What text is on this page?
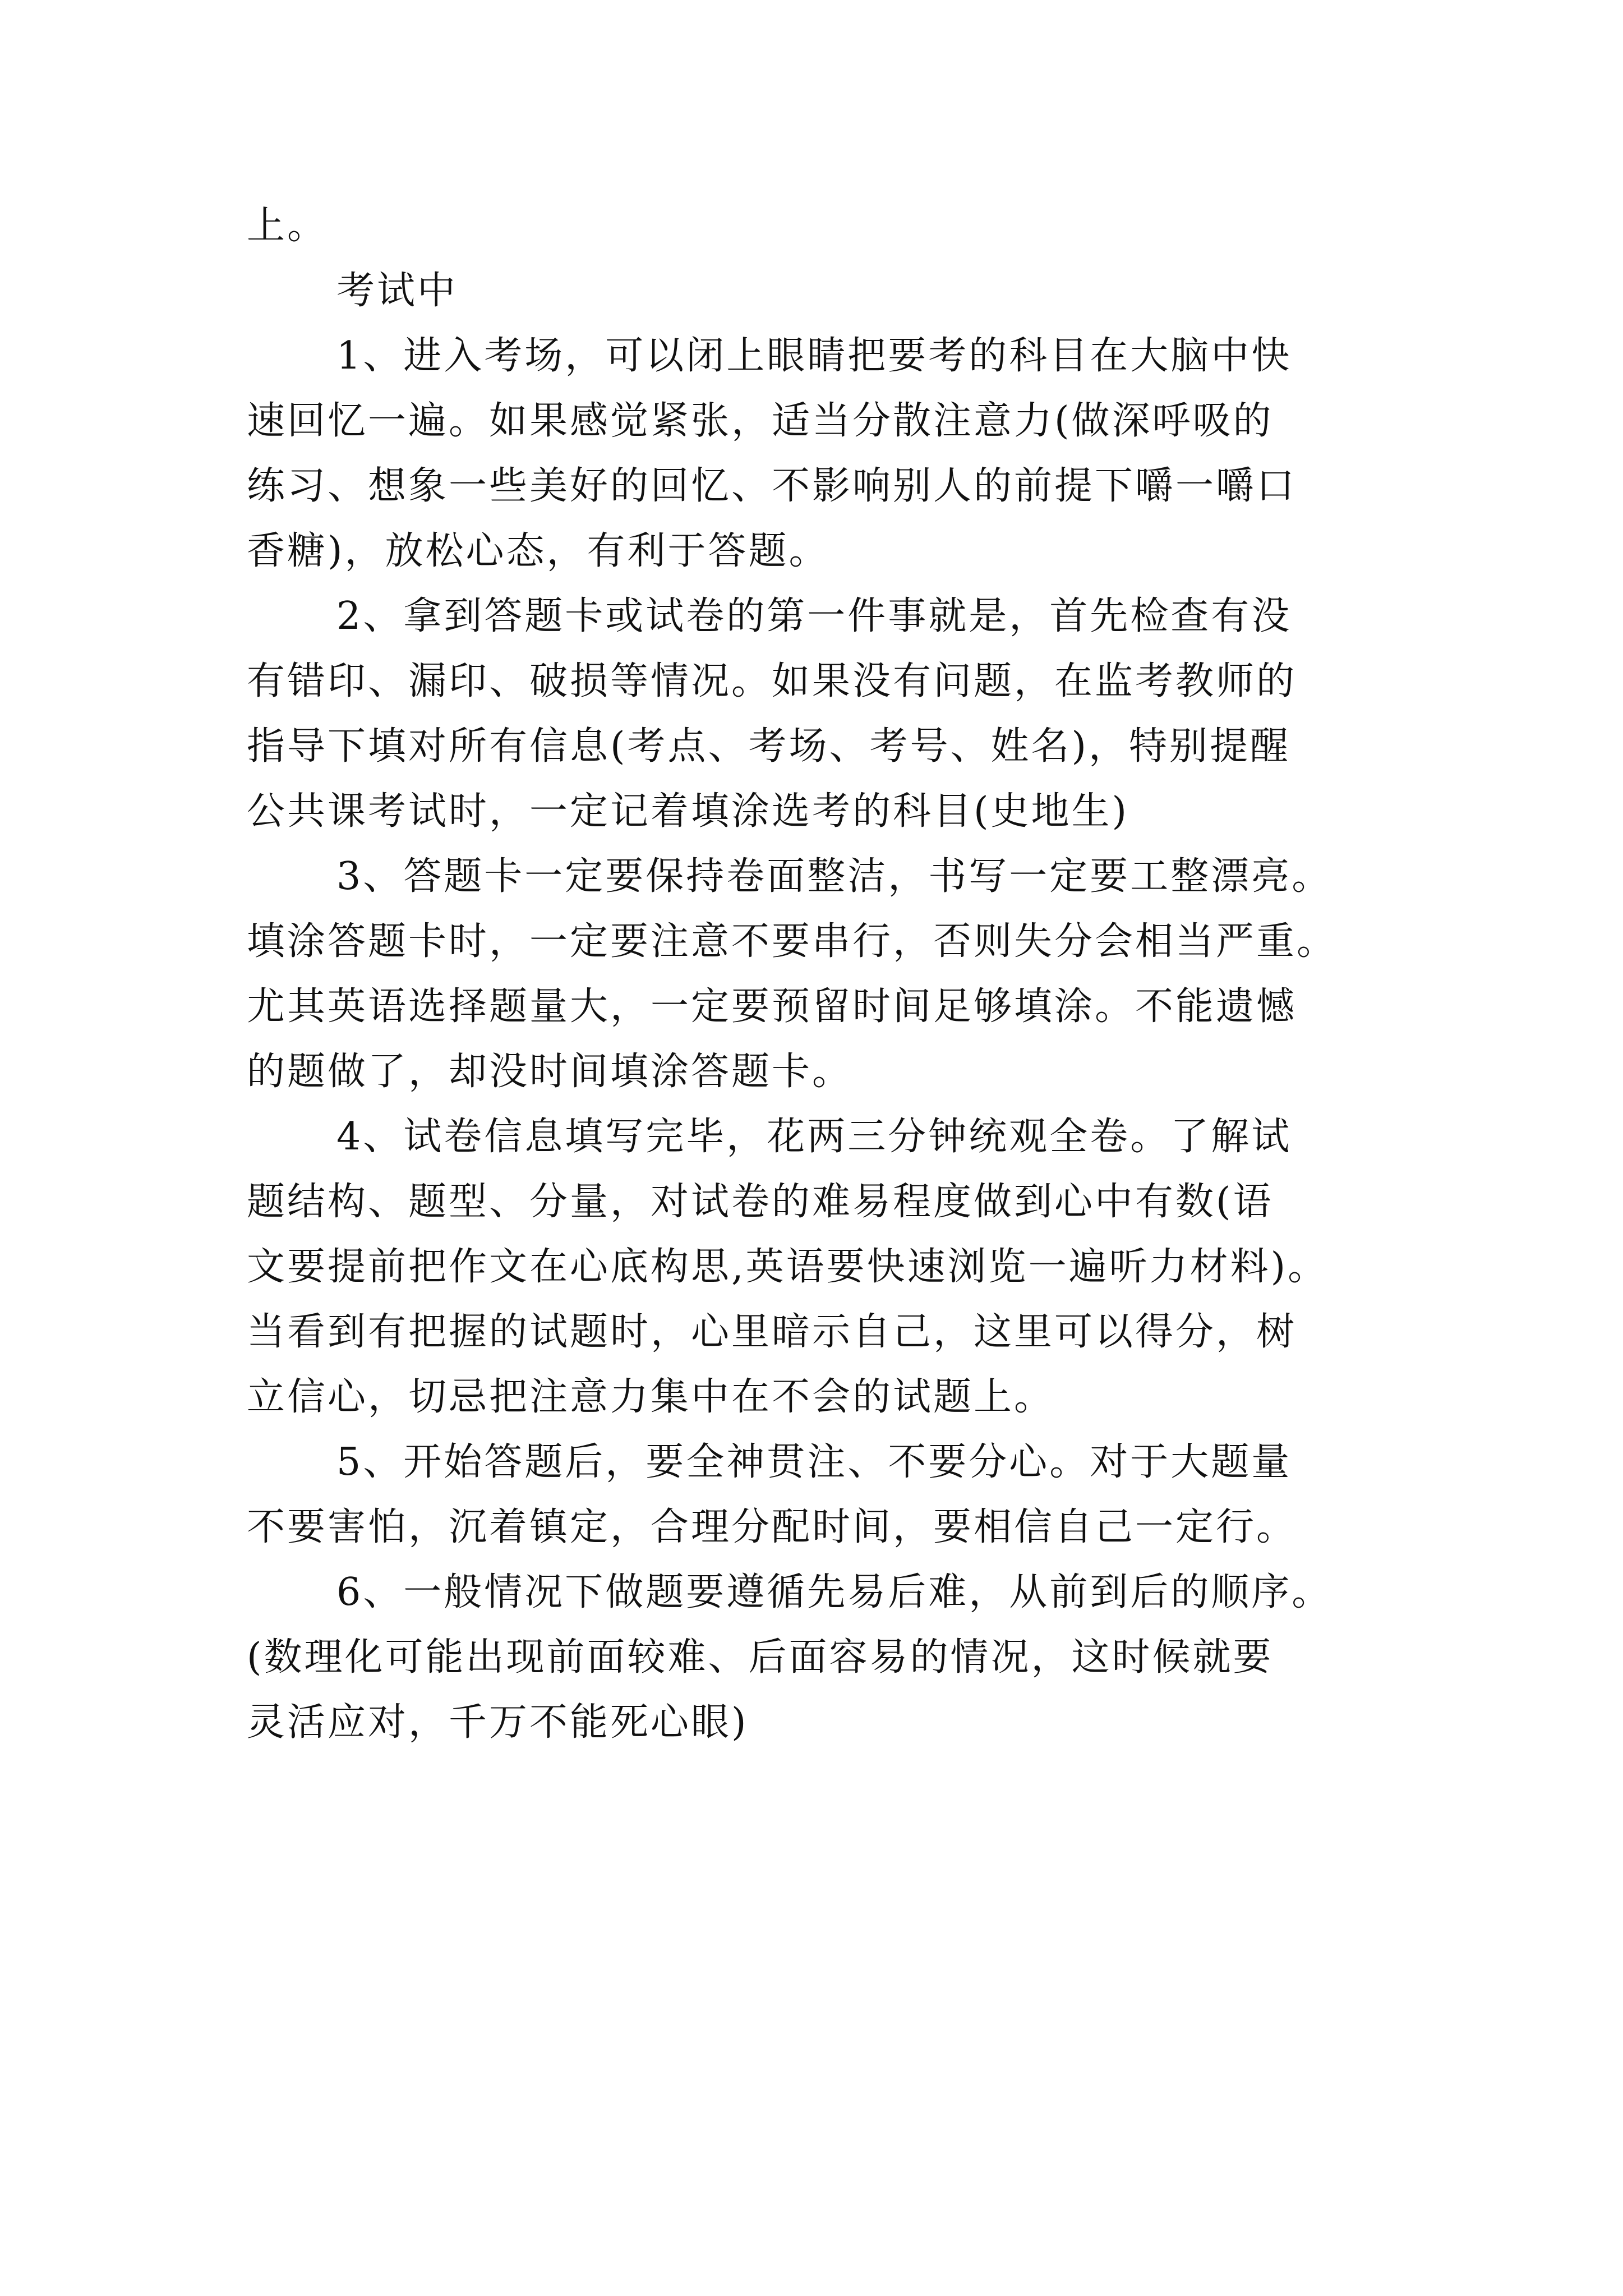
上。
考试中
1、进入考场，可以闭上眼睛把要考的科目在大脑中快
速回忆一遍。如果感觉紧张，适当分散注意力(做深呼吸的
练习、想象一些美好的回忆、不影响别人的前提下嚼一嚼口
香糖)，放松心态，有利于答题。
2、拿到答题卡或试卷的第一件事就是，首先检查有没
有错印、漏印、破损等情况。如果没有问题，在监考教师的
指导下填对所有信息(考点、考场、考号、姓名)，特别提醒
公共课考试时，一定记着填涂选考的科目(史地生)
3、答题卡一定要保持卷面整洁，书写一定要工整漂亮。
填涂答题卡时，一定要注意不要串行，否则失分会相当严重。
尤其英语选择题量大，一定要预留时间足够填涂。不能遗憾
的题做了，却没时间填涂答题卡。
4、试卷信息填写完毕，花两三分钟统观全卷。了解试
题结构、题型、分量，对试卷的难易程度做到心中有数(语
文要提前把作文在心底构思,英语要快速浏览一遍听力材料)。
当看到有把握的试题时，心里暗示自己，这里可以得分，树
立信心，切忌把注意力集中在不会的试题上。
5、开始答题后，要全神贯注、不要分心。对于大题量
不要害怕，沉着镇定，合理分配时间，要相信自己一定行。
6、一般情况下做题要遵循先易后难，从前到后的顺序。
(数理化可能出现前面较难、后面容易的情况，这时候就要
灵活应对，千万不能死心眼)
